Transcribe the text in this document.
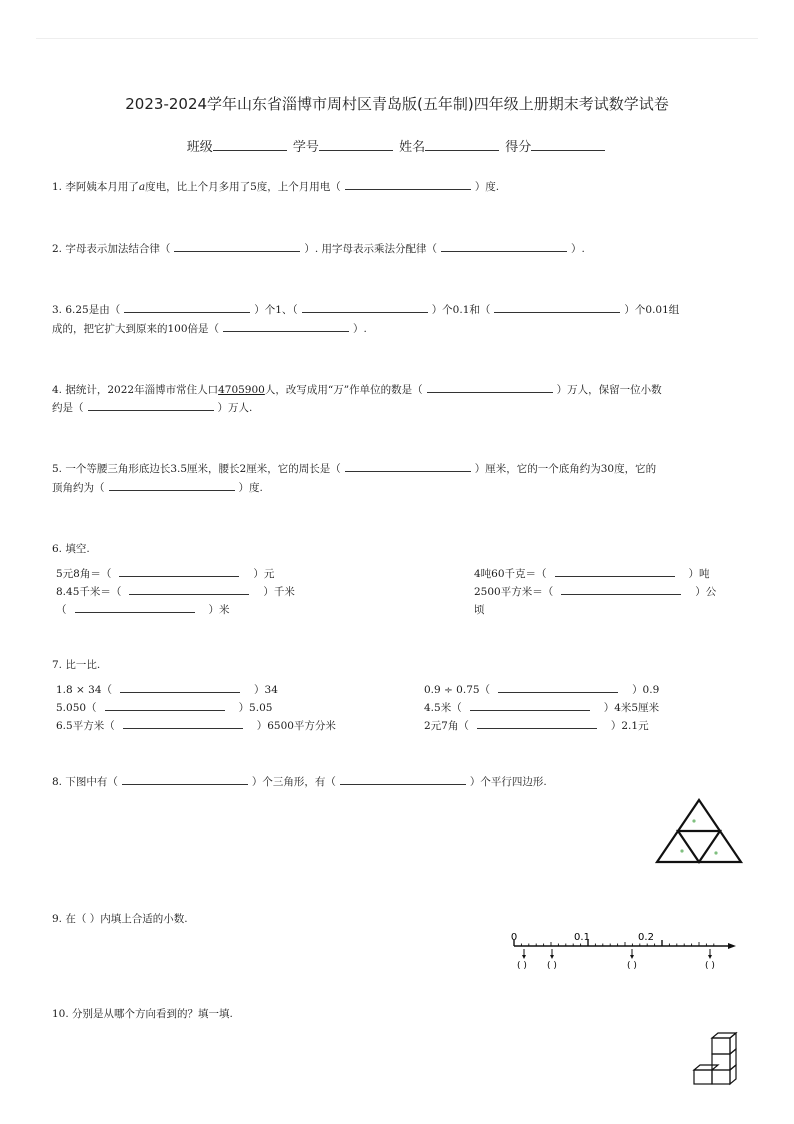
2023-2024学年山东省淄博市周村区青岛版(五年制)四年级上册期末考试数学试卷
班级	学号	姓名	得分
1. 李阿姨本月用了a度电，比上个月多用了5度，上个月用电（	）度.
2. 字母表示加法结合律（	）. 用字母表示乘法分配律（	）.
3. 6.25是由（	）个1、（	）个0.1和（	）个0.01组
成的，把它扩大到原来的100倍是（	）.
4. 据统计，2022年淄博市常住人口4705900人，改写成用“万”作单位的数是（	）万人，保留一位小数
约是（	）万人.
5. 一个等腰三角形底边长3.5厘米，腰长2厘米，它的周长是（	）厘米，它的一个底角约为30度，它的
顶角约为（	）度.
6. 填空.
5元8角＝（	）元	4吨60千克＝（	）吨
8.45千米＝（	）千米	2500平方米＝（	）公
（	）米	顷
7. 比一比.
1.8 × 34（	）34	0.9 ÷ 0.75（	）0.9
5.050（	）5.05	4.5米（	）4米5厘米
6.5平方米（	）6500平方分米	2元7角（	）2.1元
8. 下图中有（	）个三角形，有（	）个平行四边形.
9. 在（ ）内填上合适的小数.
0	0.1	0.2
( ) ( )	( )	( )
10. 分别是从哪个方向看到的？填一填.
